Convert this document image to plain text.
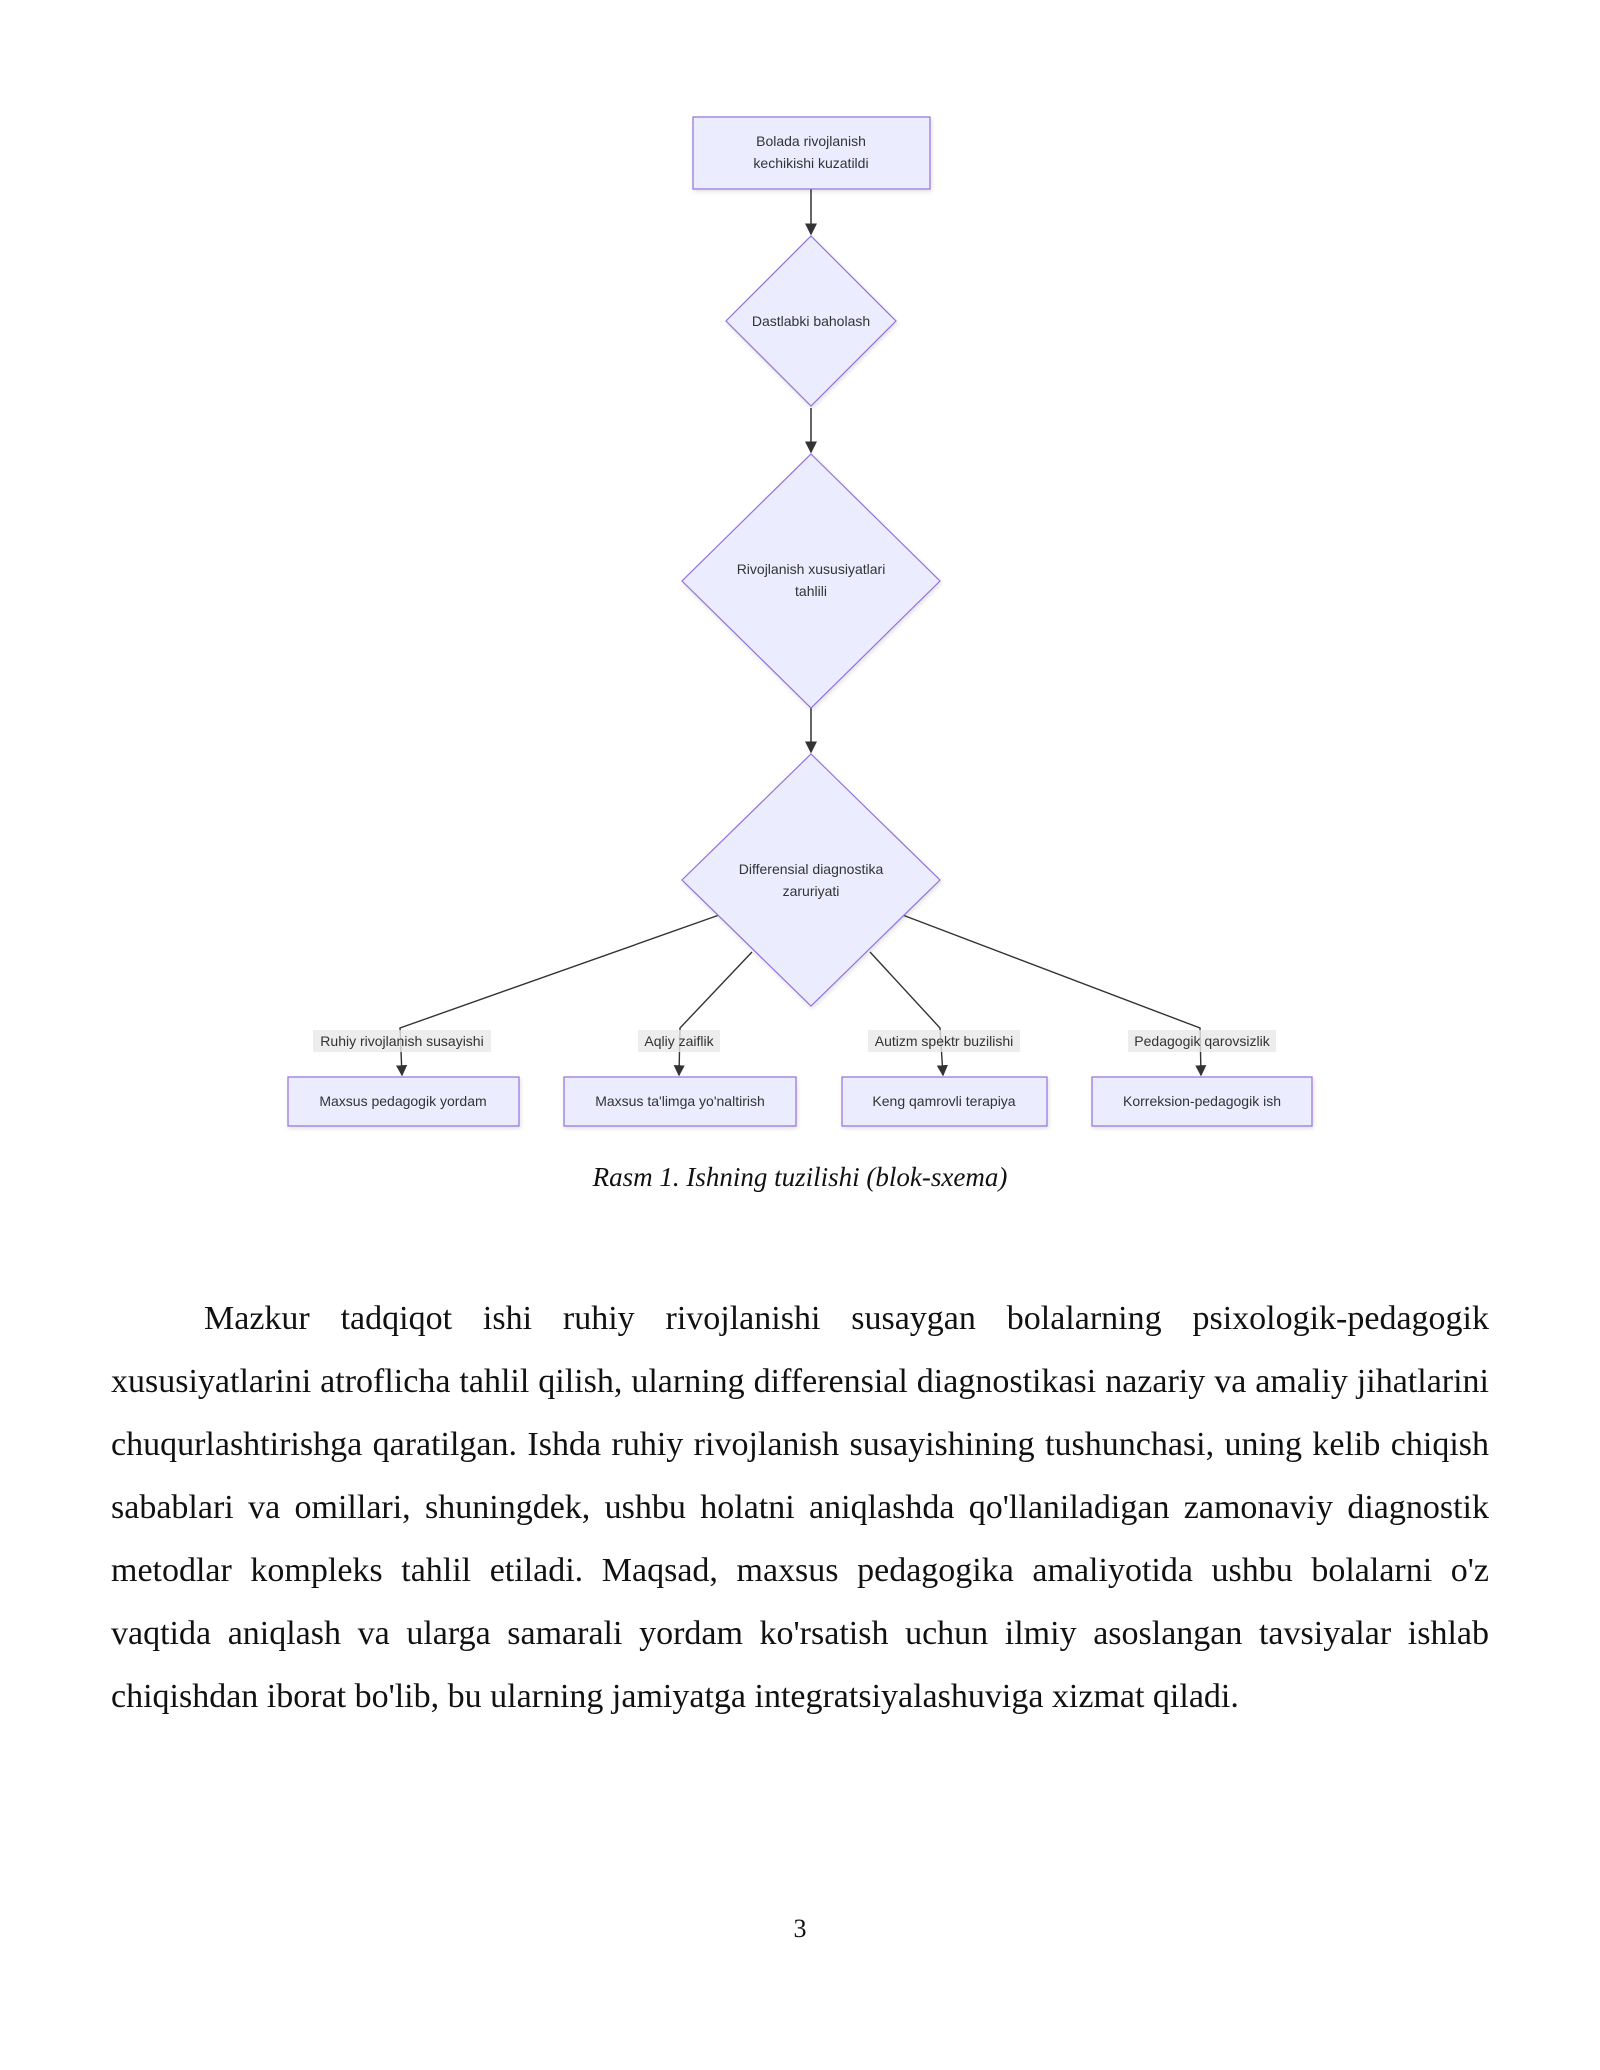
Bolada rivojlanish
kechikishi kuzatildi
Dastlabki baholash
Rivojlanish xususiyatlari
tahlili
Differensial diagnostika
zaruriyati
Ruhiy rivojlanish susayishi	Aqliy zaiflik	Autizm spektr buzilishi	Pedagogik qarovsizlik
Maxsus pedagogik yordam	Maxsus ta'limga yo'naltirish	Keng qamrovli terapiya	Korreksion-pedagogik ish
Rasm 1. Ishning tuzilishi (blok-sxema)

Mazkur tadqiqot ishi ruhiy rivojlanishi susaygan bolalarning psixologik-pedagogik xususiyatlarini atroflicha tahlil qilish, ularning differensial diagnostikasi nazariy va amaliy jihatlarini chuqurlashtirishga qaratilgan. Ishda ruhiy rivojlanish susayishining tushunchasi, uning kelib chiqish sabablari va omillari, shuningdek, ushbu holatni aniqlashda qo'llaniladigan zamonaviy diagnostik metodlar kompleks tahlil etiladi. Maqsad, maxsus pedagogika amaliyotida ushbu bolalarni o'z vaqtida aniqlash va ularga samarali yordam ko'rsatish uchun ilmiy asoslangan tavsiyalar ishlab chiqishdan iborat bo'lib, bu ularning jamiyatga integratsiyalashuviga xizmat qiladi.

3
